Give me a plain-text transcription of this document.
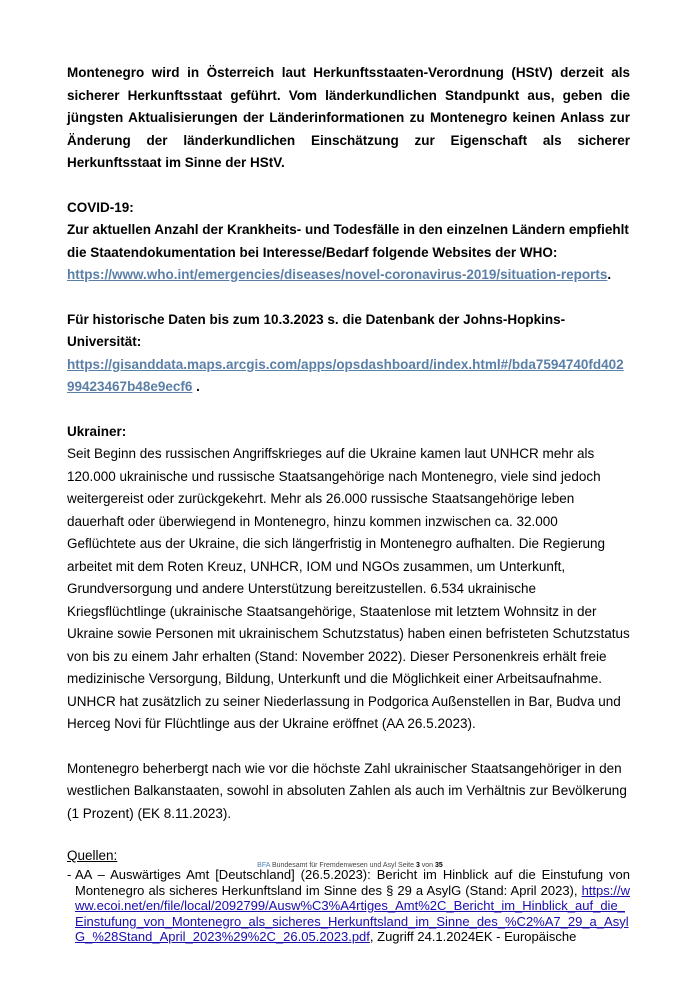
Montenegro wird in Österreich laut Herkunftsstaaten-Verordnung (HStV) derzeit als sicherer Herkunftsstaat geführt. Vom länderkundlichen Standpunkt aus, geben die jüngsten Aktualisierungen der Länderinformationen zu Montenegro keinen Anlass zur Änderung der länderkundlichen Einschätzung zur Eigenschaft als sicherer Herkunftsstaat im Sinne der HStV.

COVID-19:

Zur aktuellen Anzahl der Krankheits- und Todesfälle in den einzelnen Ländern empfiehlt die Staatendokumentation bei Interesse/Bedarf folgende Websites der WHO:

https://www.who.int/emergencies/diseases/novel-coronavirus-2019/situation-reports.

Für historische Daten bis zum 10.3.2023 s. die Datenbank der Johns-Hopkins-Universität:

https://gisanddata.maps.arcgis.com/apps/opsdashboard/index.html#/bda7594740fd40299423467b48e9ecf6 .

Ukrainer:

Seit Beginn des russischen Angriffskrieges auf die Ukraine kamen laut UNHCR mehr als 120.000 ukrainische und russische Staatsangehörige nach Montenegro, viele sind jedoch weitergereist oder zurückgekehrt. Mehr als 26.000 russische Staatsangehörige leben dauerhaft oder überwiegend in Montenegro, hinzu kommen inzwischen ca. 32.000 Geflüchtete aus der Ukraine, die sich längerfristig in Montenegro aufhalten. Die Regierung arbeitet mit dem Roten Kreuz, UNHCR, IOM und NGOs zusammen, um Unterkunft, Grundversorgung und andere Unterstützung bereitzustellen. 6.534 ukrainische Kriegsflüchtlinge (ukrainische Staatsangehörige, Staatenlose mit letztem Wohnsitz in der Ukraine sowie Personen mit ukrainischem Schutzstatus) haben einen befristeten Schutzstatus von bis zu einem Jahr erhalten (Stand: November 2022). Dieser Personenkreis erhält freie medizinische Versorgung, Bildung, Unterkunft und die Möglichkeit einer Arbeitsaufnahme. UNHCR hat zusätzlich zu seiner Niederlassung in Podgorica Außenstellen in Bar, Budva und Herceg Novi für Flüchtlinge aus der Ukraine eröffnet (AA 26.5.2023).

Montenegro beherbergt nach wie vor die höchste Zahl ukrainischer Staatsangehöriger in den westlichen Balkanstaaten, sowohl in absoluten Zahlen als auch im Verhältnis zur Bevölkerung (1 Prozent) (EK 8.11.2023).

Quellen:
- AA – Auswärtiges Amt [Deutschland] (26.5.2023): Bericht im Hinblick auf die Einstufung von Montenegro als sicheres Herkunftsland im Sinne des § 29 a AsylG (Stand: April 2023), https://www.ecoi.net/en/file/local/2092799/Ausw%C3%A4rtiges_Amt%2C_Bericht_im_Hinblick_auf_die_Einstufung_von_Montenegro_als_sicheres_Herkunftsland_im_Sinne_des_%C2%A7_29_a_AsylG_%28Stand_April_2023%29%2C_26.05.2023.pdf, Zugriff 24.1.2024EK - Europäische
BFA Bundesamt für Fremdenwesen und Asyl Seite 3 von 35
